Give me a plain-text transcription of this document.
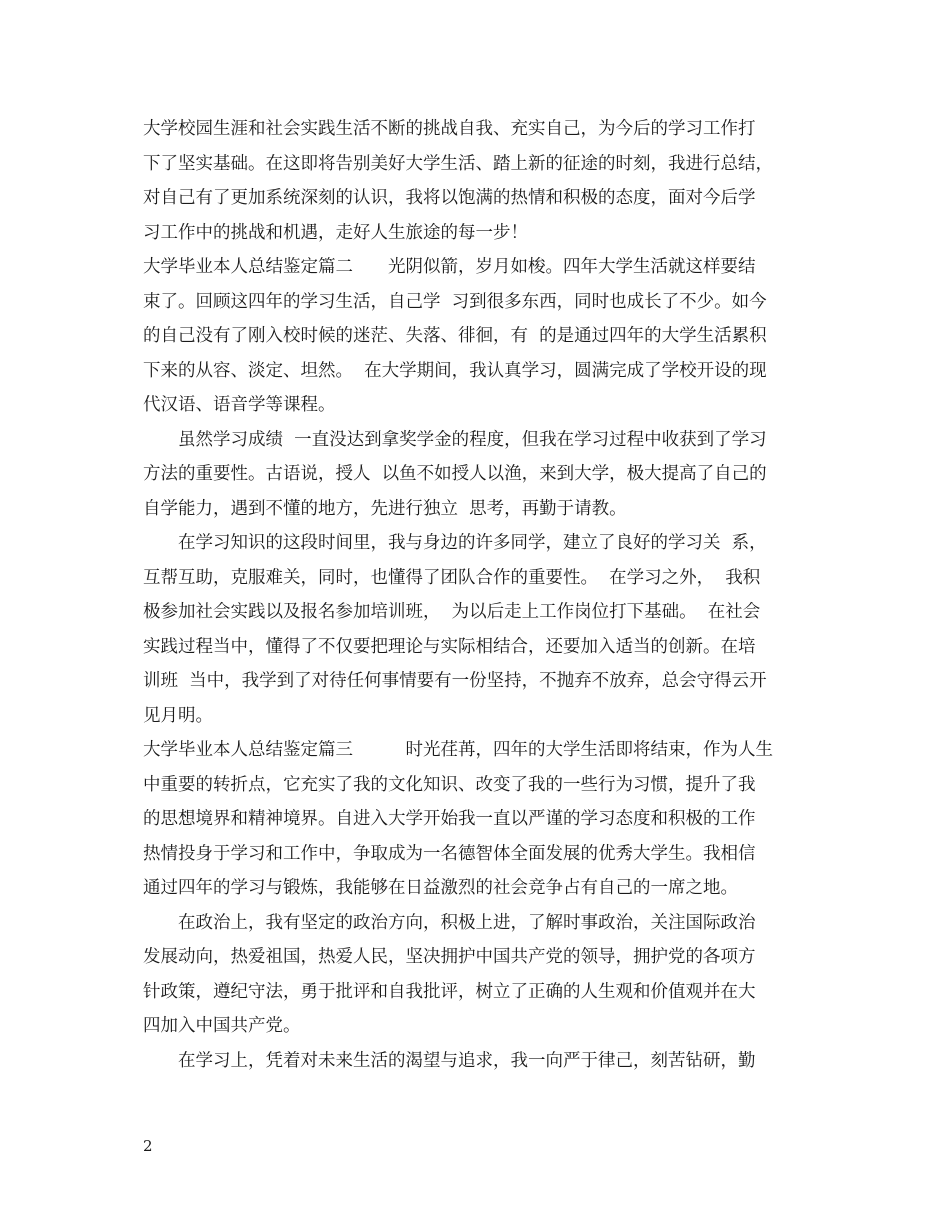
大学校园生涯和社会实践生活不断的挑战自我、充实自己，为今后的学习工作打
下了坚实基础。在这即将告别美好大学生活、踏上新的征途的时刻，我进行总结，
对自己有了更加系统深刻的认识，我将以饱满的热情和积极的态度，面对今后学
习工作中的挑战和机遇，走好人生旅途的每一步！
大学毕业本人总结鉴定篇二　　光阴似箭，岁月如梭。四年大学生活就这样要结
束了。回顾这四年的学习生活，自己学  习到很多东西，同时也成长了不少。如今
的自己没有了刚入校时候的迷茫、失落、徘徊，有  的是通过四年的大学生活累积
下来的从容、淡定、坦然。  在大学期间，我认真学习，圆满完成了学校开设的现
代汉语、语音学等课程。
　　虽然学习成绩  一直没达到拿奖学金的程度，但我在学习过程中收获到了学习
方法的重要性。古语说，授人  以鱼不如授人以渔，来到大学，极大提高了自己的
自学能力，遇到不懂的地方，先进行独立  思考，再勤于请教。
　　在学习知识的这段时间里，我与身边的许多同学，建立了良好的学习关  系，
互帮互助，克服难关，同时，也懂得了团队合作的重要性。  在学习之外，  我积
极参加社会实践以及报名参加培训班，  为以后走上工作岗位打下基础。  在社会
实践过程当中，懂得了不仅要把理论与实际相结合，还要加入适当的创新。在培
训班  当中，我学到了对待任何事情要有一份坚持，不抛弃不放弃，总会守得云开
见月明。
大学毕业本人总结鉴定篇三　　　时光荏苒，四年的大学生活即将结束，作为人生
中重要的转折点，它充实了我的文化知识、改变了我的一些行为习惯，提升了我
的思想境界和精神境界。自进入大学开始我一直以严谨的学习态度和积极的工作
热情投身于学习和工作中，争取成为一名德智体全面发展的优秀大学生。我相信
通过四年的学习与锻炼，我能够在日益激烈的社会竞争占有自己的一席之地。
　　在政治上，我有坚定的政治方向，积极上进，了解时事政治，关注国际政治
发展动向，热爱祖国，热爱人民，坚决拥护中国共产党的领导，拥护党的各项方
针政策，遵纪守法，勇于批评和自我批评，树立了正确的人生观和价值观并在大
四加入中国共产党。
　　在学习上，凭着对未来生活的渴望与追求，我一向严于律己，刻苦钻研，勤
2
